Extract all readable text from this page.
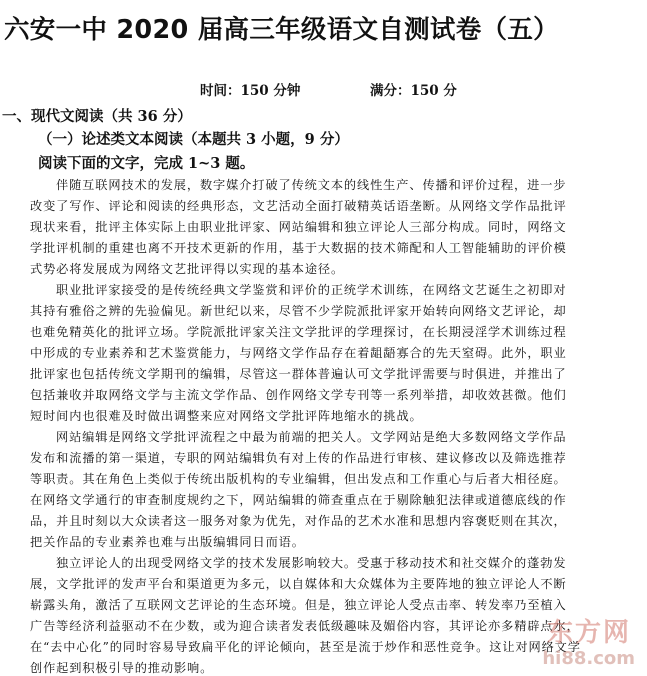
六安一中 2020 届高三年级语文自测试卷（五）
时间：150 分钟	满分：150 分
一、现代文阅读（共 36 分）
（一）论述类文本阅读（本题共 3 小题，9 分）
阅读下面的文字，完成 1~3 题。
伴随互联网技术的发展，数字媒介打破了传统文本的线性生产、传播和评价过程，进一步
改变了写作、评论和阅读的经典形态，文艺活动全面打破精英话语垄断。从网络文学作品批评
现状来看，批评主体实际上由职业批评家、网站编辑和独立评论人三部分构成。同时，网络文
学批评机制的重建也离不开技术更新的作用，基于大数据的技术筛配和人工智能辅助的评价模
式势必将发展成为网络文艺批评得以实现的基本途径。
职业批评家接受的是传统经典文学鉴赏和评价的正统学术训练，在网络文艺诞生之初即对
其持有雅俗之辨的先验偏见。新世纪以来，尽管不少学院派批评家开始转向网络文艺评论，却
也难免精英化的批评立场。学院派批评家关注文学批评的学理探讨，在长期浸淫学术训练过程
中形成的专业素养和艺术鉴赏能力，与网络文学作品存在着龃龉寡合的先天窒碍。此外，职业
批评家也包括传统文学期刊的编辑，尽管这一群体普遍认可文学批评需要与时俱进，并推出了
包括兼收并取网络文学与主流文学作品、创作网络文学专刊等一系列举措，却收效甚微。他们
短时间内也很难及时做出调整来应对网络文学批评阵地缩水的挑战。
网站编辑是网络文学批评流程之中最为前端的把关人。文学网站是绝大多数网络文学作品
发布和流播的第一渠道，专职的网站编辑负有对上传的作品进行审核、建议修改以及筛选推荐
等职责。其在角色上类似于传统出版机构的专业编辑，但出发点和工作重心与后者大相径庭。
在网络文学通行的审查制度规约之下，网站编辑的筛查重点在于剔除触犯法律或道德底线的作
品，并且时刻以大众读者这一服务对象为优先，对作品的艺术水准和思想内容褒贬则在其次，
把关作品的专业素养也难与出版编辑同日而语。
独立评论人的出现受网络文学的技术发展影响较大。受惠于移动技术和社交媒介的蓬勃发
展，文学批评的发声平台和渠道更为多元，以自媒体和大众媒体为主要阵地的独立评论人不断
崭露头角，激活了互联网文艺评论的生态环境。但是，独立评论人受点击率、转发率乃至植入
广告等经济利益驱动不在少数，或为迎合读者发表低级趣味及媚俗内容，其评论亦多精辟点水，
在“去中心化”的同时容易导致扁平化的评论倾向，甚至是流于炒作和恶性竞争。这让对网络文学
创作起到积极引导的推动影响。
东方网
hi88.com
